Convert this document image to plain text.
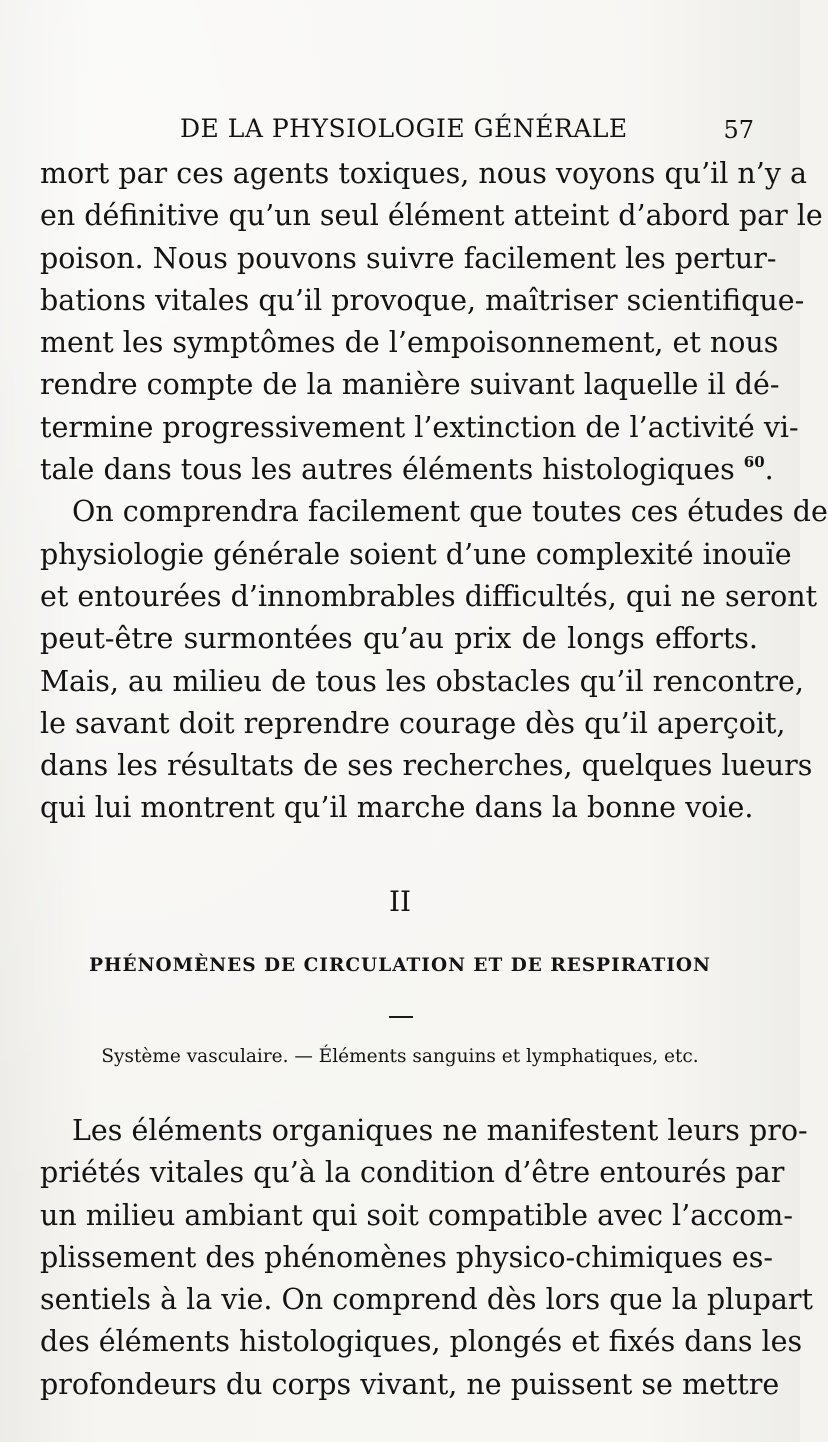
DE LA PHYSIOLOGIE GÉNÉRALE	57
mort par ces agents toxiques, nous voyons qu’il n’y a
en définitive qu’un seul élément atteint d’abord par le
poison. Nous pouvons suivre facilement les pertur-
bations vitales qu’il provoque, maîtriser scientifique-
ment les symptômes de l’empoisonnement, et nous
rendre compte de la manière suivant laquelle il dé-
termine progressivement l’extinction de l’activité vi-
tale dans tous les autres éléments histologiques $^{60}$.
On comprendra facilement que toutes ces études de
physiologie générale soient d’une complexité inouïe
et entourées d’innombrables difficultés, qui ne seront
peut-être surmontées qu’au prix de longs efforts.
Mais, au milieu de tous les obstacles qu’il rencontre,
le savant doit reprendre courage dès qu’il aperçoit,
dans les résultats de ses recherches, quelques lueurs
qui lui montrent qu’il marche dans la bonne voie.
II
PHÉNOMÈNES DE CIRCULATION ET DE RESPIRATION
Système vasculaire. — Éléments sanguins et lymphatiques, etc.
Les éléments organiques ne manifestent leurs pro-
priétés vitales qu’à la condition d’être entourés par
un milieu ambiant qui soit compatible avec l’accom-
plissement des phénomènes physico-chimiques es-
sentiels à la vie. On comprend dès lors que la plupart
des éléments histologiques, plongés et fixés dans les
profondeurs du corps vivant, ne puissent se mettre
